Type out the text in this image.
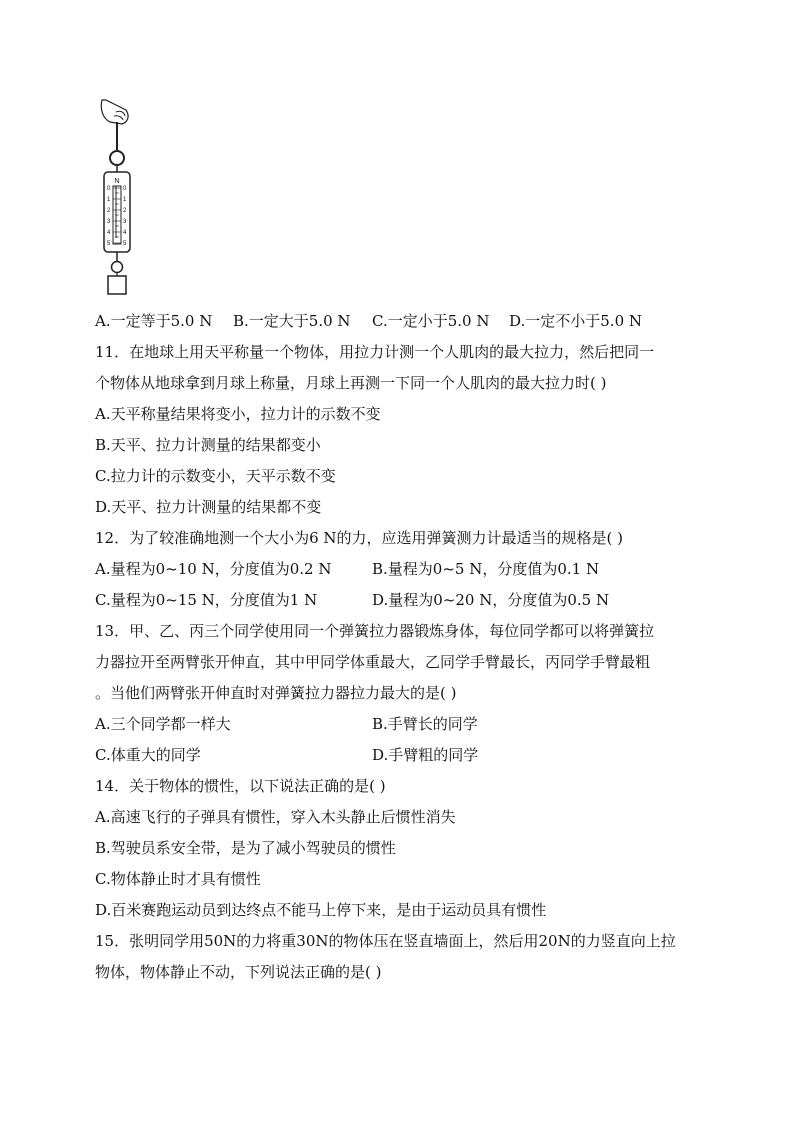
N
0
1
2
3
4
5
0
1
2
3
4
5
A.一定等于5.0 N B.一定大于5.0 N C.一定小于5.0 N D.一定不小于5.0 N
11．在地球上用天平称量一个物体，用拉力计测一个人肌肉的最大拉力，然后把同一
个物体从地球拿到月球上称量，月球上再测一下同一个人肌肉的最大拉力时( )
A.天平称量结果将变小，拉力计的示数不变
B.天平、拉力计测量的结果都变小
C.拉力计的示数变小，天平示数不变
D.天平、拉力计测量的结果都不变
12．为了较准确地测一个大小为6 N的力，应选用弹簧测力计最适当的规格是( )
A.量程为0~10 N，分度值为0.2 N	B.量程为0~5 N，分度值为0.1 N
C.量程为0~15 N，分度值为1 N	D.量程为0~20 N，分度值为0.5 N
13．甲、乙、丙三个同学使用同一个弹簧拉力器锻炼身体，每位同学都可以将弹簧拉
力器拉开至两臂张开伸直，其中甲同学体重最大，乙同学手臂最长，丙同学手臂最粗
。当他们两臂张开伸直时对弹簧拉力器拉力最大的是( )
A.三个同学都一样大	B.手臂长的同学
C.体重大的同学	D.手臂粗的同学
14．关于物体的惯性，以下说法正确的是( )
A.高速飞行的子弹具有惯性，穿入木头静止后惯性消失
B.驾驶员系安全带，是为了减小驾驶员的惯性
C.物体静止时才具有惯性
D.百米赛跑运动员到达终点不能马上停下来，是由于运动员具有惯性
15．张明同学用50N的力将重30N的物体压在竖直墙面上，然后用20N的力竖直向上拉
物体，物体静止不动，下列说法正确的是( )
